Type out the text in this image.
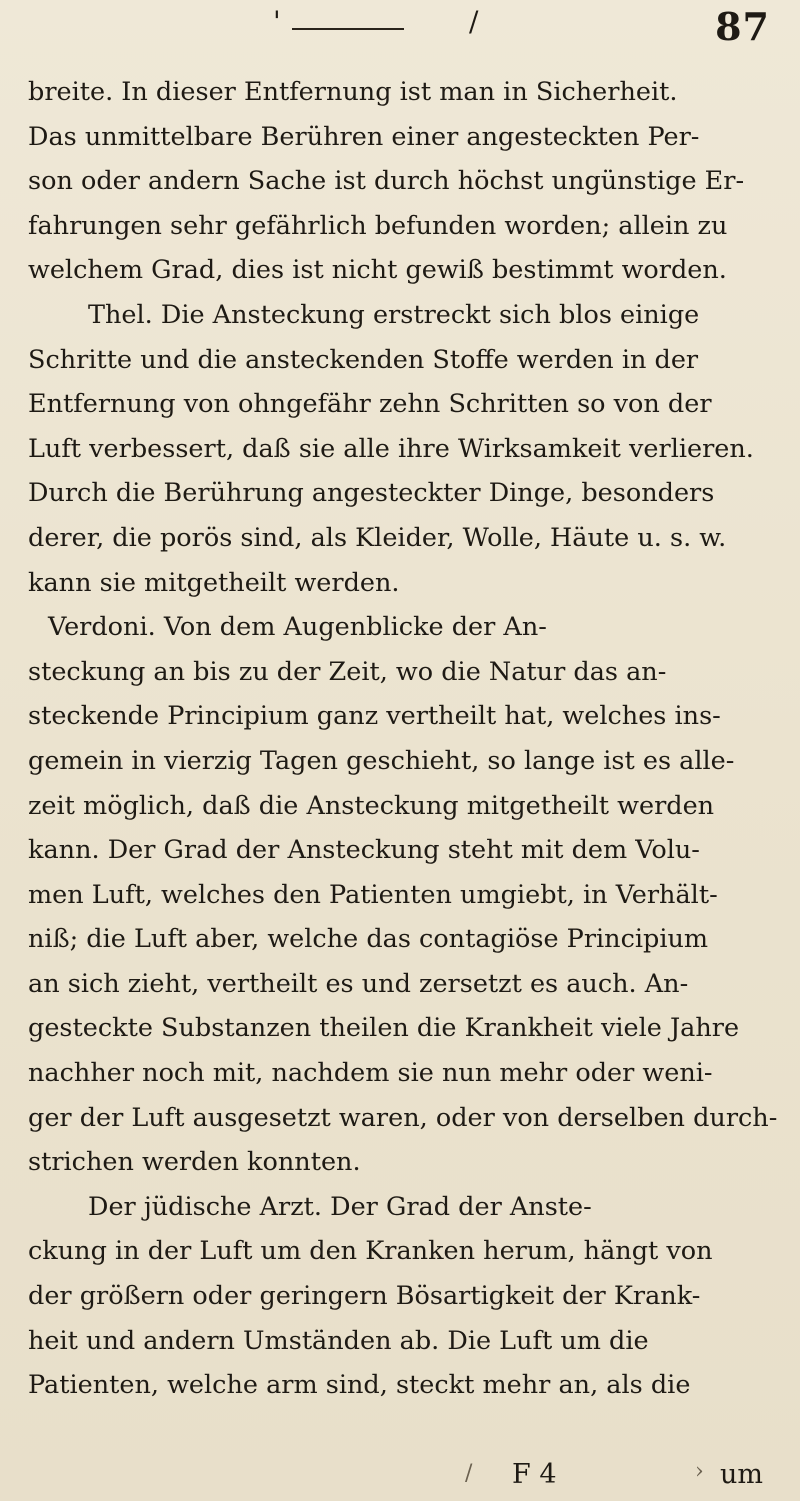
'	/	87
breite. In dieser Entfernung ist man in Sicherheit.
Das unmittelbare Berühren einer angesteckten Per-
son oder andern Sache ist durch höchst ungünstige Er-
fahrungen sehr gefährlich befunden worden; allein zu
welchem Grad, dies ist nicht gewiß bestimmt worden.
Thel. Die Ansteckung erstreckt sich blos einige
Schritte und die ansteckenden Stoffe werden in der
Entfernung von ohngefähr zehn Schritten so von der
Luft verbessert, daß sie alle ihre Wirksamkeit verlieren.
Durch die Berührung angesteckter Dinge, besonders
derer, die porös sind, als Kleider, Wolle, Häute u. s. w.
kann sie mitgetheilt werden.
Verdoni. Von dem Augenblicke der An-
steckung an bis zu der Zeit, wo die Natur das an-
steckende Principium ganz vertheilt hat, welches ins-
gemein in vierzig Tagen geschieht, so lange ist es alle-
zeit möglich, daß die Ansteckung mitgetheilt werden
kann. Der Grad der Ansteckung steht mit dem Volu-
men Luft, welches den Patienten umgiebt, in Verhält-
niß; die Luft aber, welche das contagiöse Principium
an sich zieht, vertheilt es und zersetzt es auch. An-
gesteckte Substanzen theilen die Krankheit viele Jahre
nachher noch mit, nachdem sie nun mehr oder weni-
ger der Luft ausgesetzt waren, oder von derselben durch-
strichen werden konnten.
Der jüdische Arzt. Der Grad der Anste-
ckung in der Luft um den Kranken herum, hängt von
der größern oder geringern Bösartigkeit der Krank-
heit und andern Umständen ab. Die Luft um die
Patienten, welche arm sind, steckt mehr an, als die
/ F 4	› um
